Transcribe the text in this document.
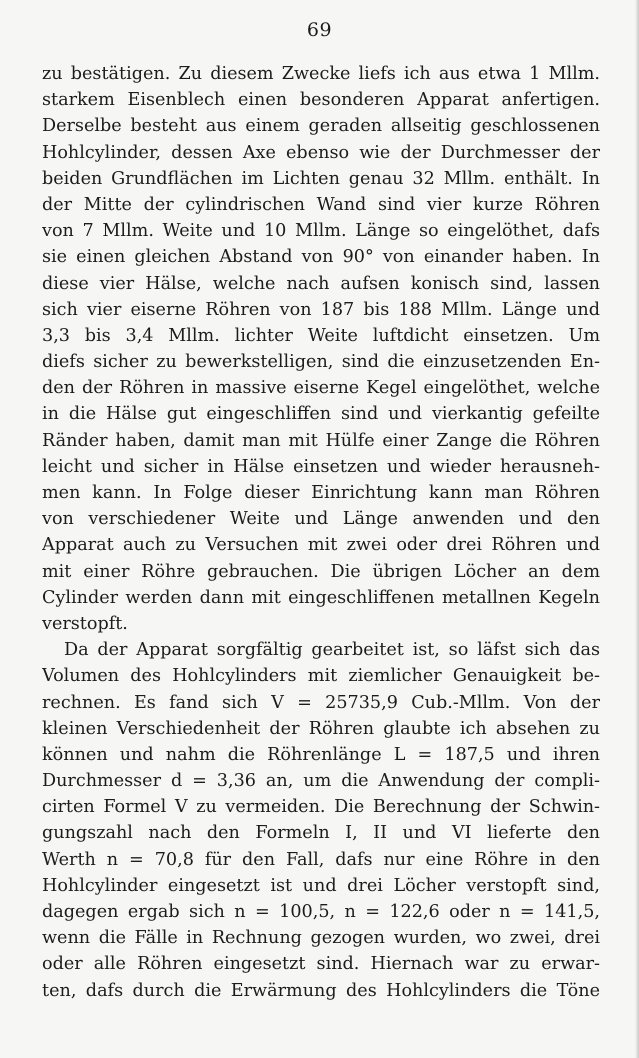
69
zu bestätigen. Zu diesem Zwecke liefs ich aus etwa 1 Mllm.
starkem Eisenblech einen besonderen Apparat anfertigen.
Derselbe besteht aus einem geraden allseitig geschlossenen
Hohlcylinder, dessen Axe ebenso wie der Durchmesser der
beiden Grundflächen im Lichten genau 32 Mllm. enthält. In
der Mitte der cylindrischen Wand sind vier kurze Röhren
von 7 Mllm. Weite und 10 Mllm. Länge so eingelöthet, dafs
sie einen gleichen Abstand von 90° von einander haben. In
diese vier Hälse, welche nach aufsen konisch sind, lassen
sich vier eiserne Röhren von 187 bis 188 Mllm. Länge und
3,3 bis 3,4 Mllm. lichter Weite luftdicht einsetzen. Um
diefs sicher zu bewerkstelligen, sind die einzusetzenden En-
den der Röhren in massive eiserne Kegel eingelöthet, welche
in die Hälse gut eingeschliffen sind und vierkantig gefeilte
Ränder haben, damit man mit Hülfe einer Zange die Röhren
leicht und sicher in Hälse einsetzen und wieder herausneh-
men kann. In Folge dieser Einrichtung kann man Röhren
von verschiedener Weite und Länge anwenden und den
Apparat auch zu Versuchen mit zwei oder drei Röhren und
mit einer Röhre gebrauchen. Die übrigen Löcher an dem
Cylinder werden dann mit eingeschliffenen metallnen Kegeln
verstopft.
Da der Apparat sorgfältig gearbeitet ist, so läfst sich das
Volumen des Hohlcylinders mit ziemlicher Genauigkeit be-
rechnen. Es fand sich V = 25735,9 Cub.-Mllm. Von der
kleinen Verschiedenheit der Röhren glaubte ich absehen zu
können und nahm die Röhrenlänge L = 187,5 und ihren
Durchmesser d = 3,36 an, um die Anwendung der compli-
cirten Formel V zu vermeiden. Die Berechnung der Schwin-
gungszahl nach den Formeln I, II und VI lieferte den
Werth n = 70,8 für den Fall, dafs nur eine Röhre in den
Hohlcylinder eingesetzt ist und drei Löcher verstopft sind,
dagegen ergab sich n = 100,5, n = 122,6 oder n = 141,5,
wenn die Fälle in Rechnung gezogen wurden, wo zwei, drei
oder alle Röhren eingesetzt sind. Hiernach war zu erwar-
ten, dafs durch die Erwärmung des Hohlcylinders die Töne
